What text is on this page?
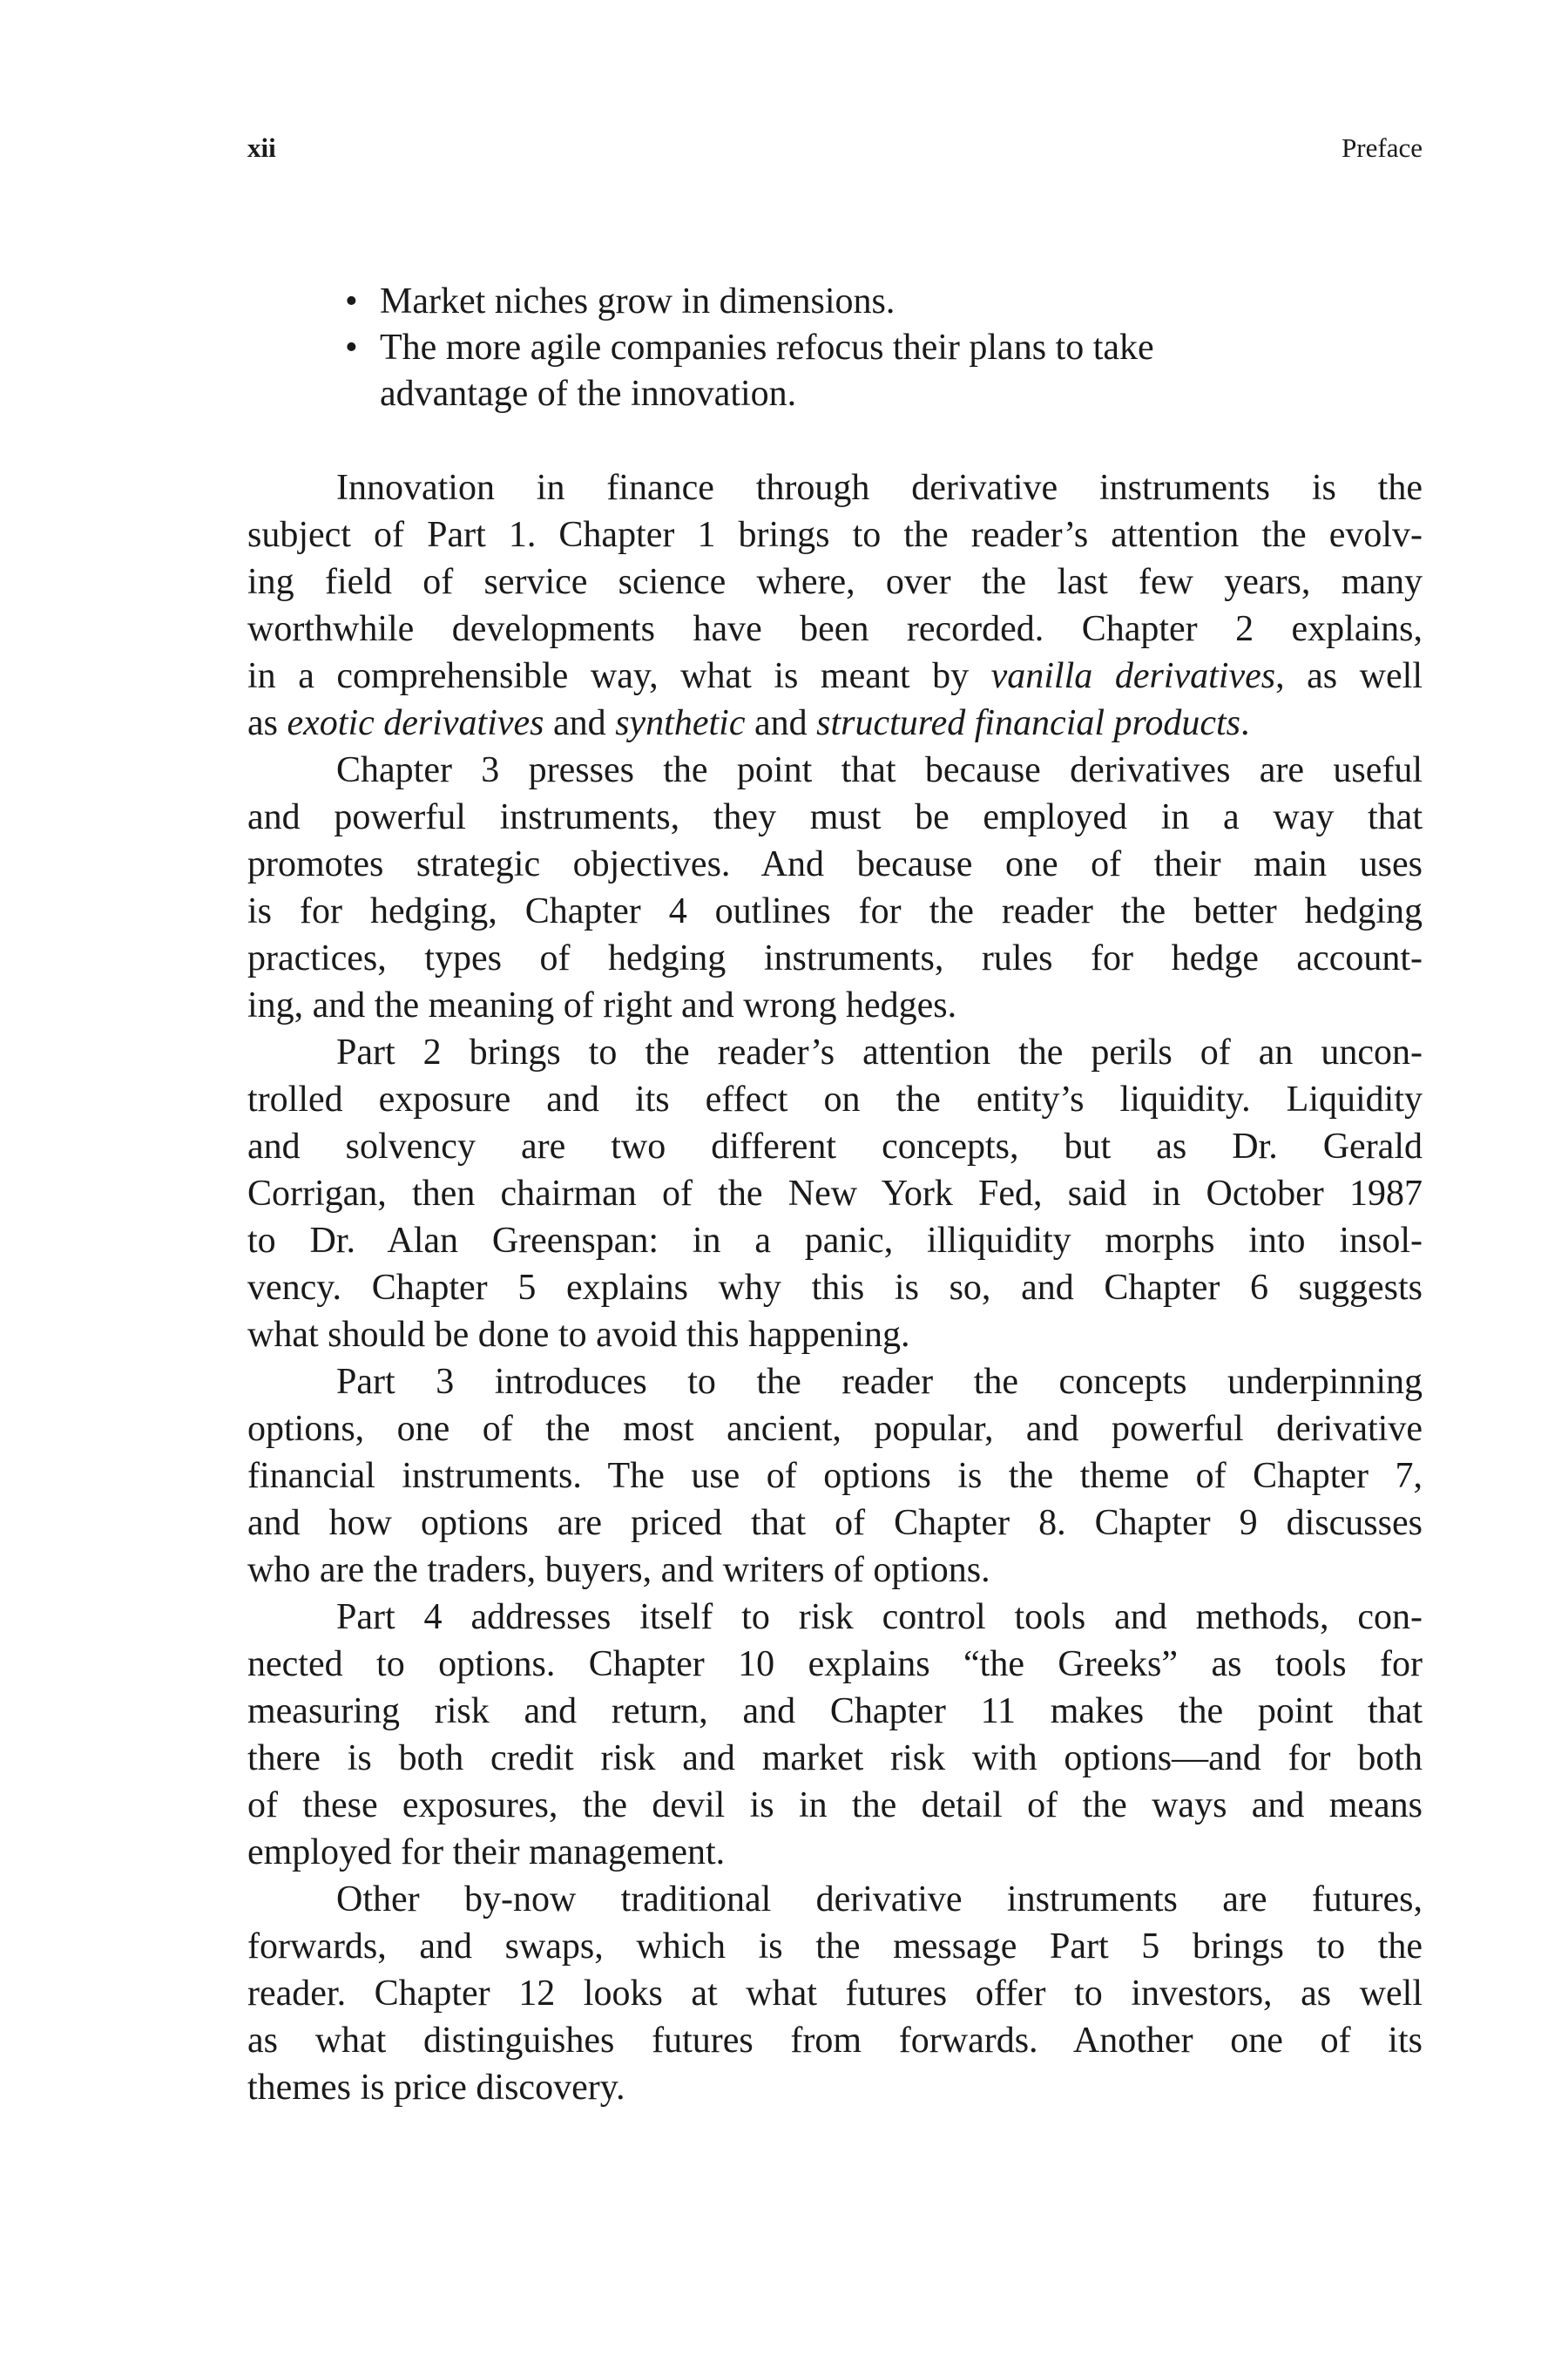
xii	Preface
• Market niches grow in dimensions.
• The more agile companies refocus their plans to take
advantage of the innovation.
Innovation in finance through derivative instruments is the
subject of Part 1. Chapter 1 brings to the reader’s attention the evolv-
ing field of service science where, over the last few years, many
worthwhile developments have been recorded. Chapter 2 explains,
in a comprehensible way, what is meant by vanilla derivatives, as well
as exotic derivatives and synthetic and structured financial products.
Chapter 3 presses the point that because derivatives are useful
and powerful instruments, they must be employed in a way that
promotes strategic objectives. And because one of their main uses
is for hedging, Chapter 4 outlines for the reader the better hedging
practices, types of hedging instruments, rules for hedge account-
ing, and the meaning of right and wrong hedges.
Part 2 brings to the reader’s attention the perils of an uncon-
trolled exposure and its effect on the entity’s liquidity. Liquidity
and solvency are two different concepts, but as Dr. Gerald
Corrigan, then chairman of the New York Fed, said in October 1987
to Dr. Alan Greenspan: in a panic, illiquidity morphs into insol-
vency. Chapter 5 explains why this is so, and Chapter 6 suggests
what should be done to avoid this happening.
Part 3 introduces to the reader the concepts underpinning
options, one of the most ancient, popular, and powerful derivative
financial instruments. The use of options is the theme of Chapter 7,
and how options are priced that of Chapter 8. Chapter 9 discusses
who are the traders, buyers, and writers of options.
Part 4 addresses itself to risk control tools and methods, con-
nected to options. Chapter 10 explains “the Greeks” as tools for
measuring risk and return, and Chapter 11 makes the point that
there is both credit risk and market risk with options—and for both
of these exposures, the devil is in the detail of the ways and means
employed for their management.
Other by-now traditional derivative instruments are futures,
forwards, and swaps, which is the message Part 5 brings to the
reader. Chapter 12 looks at what futures offer to investors, as well
as what distinguishes futures from forwards. Another one of its
themes is price discovery.
